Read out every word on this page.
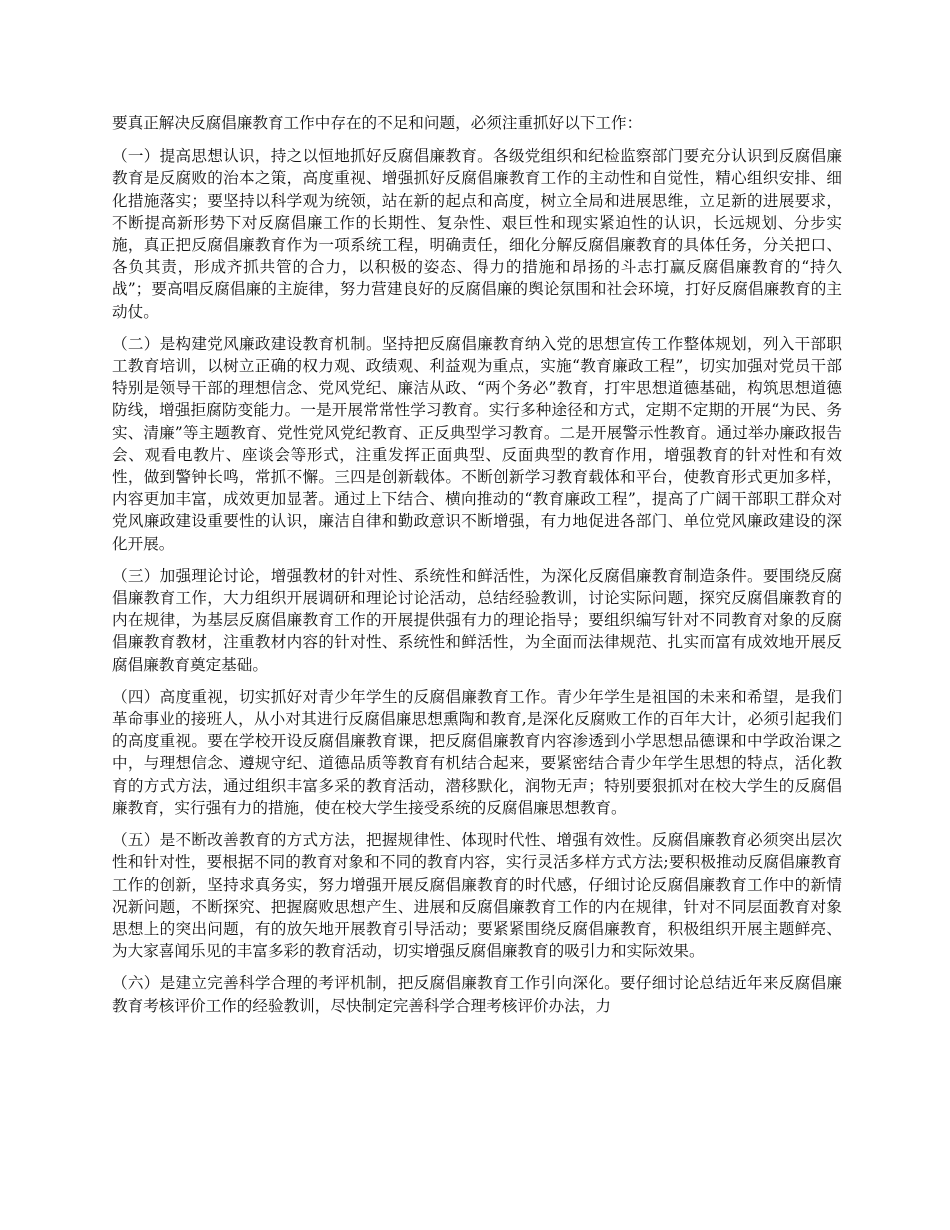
要真正解决反腐倡廉教育工作中存在的不足和问题，必须注重抓好以下工作：

（一）提高思想认识，持之以恒地抓好反腐倡廉教育。各级党组织和纪检监察部门要充分认识到反腐倡廉教育是反腐败的治本之策，高度重视、增强抓好反腐倡廉教育工作的主动性和自觉性，精心组织安排、细化措施落实；要坚持以科学观为统领，站在新的起点和高度，树立全局和进展思维，立足新的进展要求，不断提高新形势下对反腐倡廉工作的长期性、复杂性、艰巨性和现实紧迫性的认识，长远规划、分步实施，真正把反腐倡廉教育作为一项系统工程，明确责任，细化分解反腐倡廉教育的具体任务，分关把口、各负其责，形成齐抓共管的合力，以积极的姿态、得力的措施和昂扬的斗志打赢反腐倡廉教育的“持久战”；要高唱反腐倡廉的主旋律，努力营建良好的反腐倡廉的舆论氛围和社会环境，打好反腐倡廉教育的主动仗。

（二）是构建党风廉政建设教育机制。坚持把反腐倡廉教育纳入党的思想宣传工作整体规划，列入干部职工教育培训，以树立正确的权力观、政绩观、利益观为重点，实施“教育廉政工程”，切实加强对党员干部特别是领导干部的理想信念、党风党纪、廉洁从政、“两个务必”教育，打牢思想道德基础，构筑思想道德防线，增强拒腐防变能力。一是开展常常性学习教育。实行多种途径和方式，定期不定期的开展“为民、务实、清廉”等主题教育、党性党风党纪教育、正反典型学习教育。二是开展警示性教育。通过举办廉政报告会、观看电教片、座谈会等形式，注重发挥正面典型、反面典型的教育作用，增强教育的针对性和有效性，做到警钟长鸣，常抓不懈。三四是创新载体。不断创新学习教育载体和平台，使教育形式更加多样，内容更加丰富，成效更加显著。通过上下结合、横向推动的“教育廉政工程”，提高了广阔干部职工群众对党风廉政建设重要性的认识，廉洁自律和勤政意识不断增强，有力地促进各部门、单位党风廉政建设的深化开展。

（三）加强理论讨论，增强教材的针对性、系统性和鲜活性，为深化反腐倡廉教育制造条件。要围绕反腐倡廉教育工作，大力组织开展调研和理论讨论活动，总结经验教训，讨论实际问题，探究反腐倡廉教育的内在规律，为基层反腐倡廉教育工作的开展提供强有力的理论指导；要组织编写针对不同教育对象的反腐倡廉教育教材，注重教材内容的针对性、系统性和鲜活性，为全面而法律规范、扎实而富有成效地开展反腐倡廉教育奠定基础。

（四）高度重视，切实抓好对青少年学生的反腐倡廉教育工作。青少年学生是祖国的未来和希望，是我们革命事业的接班人，从小对其进行反腐倡廉思想熏陶和教育,是深化反腐败工作的百年大计，必须引起我们的高度重视。要在学校开设反腐倡廉教育课，把反腐倡廉教育内容渗透到小学思想品德课和中学政治课之中，与理想信念、遵规守纪、道德品质等教育有机结合起来，要紧密结合青少年学生思想的特点，活化教育的方式方法，通过组织丰富多采的教育活动，潜移默化，润物无声；特别要狠抓对在校大学生的反腐倡廉教育，实行强有力的措施，使在校大学生接受系统的反腐倡廉思想教育。

（五）是不断改善教育的方式方法，把握规律性、体现时代性、增强有效性。反腐倡廉教育必须突出层次性和针对性，要根据不同的教育对象和不同的教育内容，实行灵活多样方式方法;要积极推动反腐倡廉教育工作的创新，坚持求真务实，努力增强开展反腐倡廉教育的时代感，仔细讨论反腐倡廉教育工作中的新情况新问题，不断探究、把握腐败思想产生、进展和反腐倡廉教育工作的内在规律，针对不同层面教育对象思想上的突出问题，有的放矢地开展教育引导活动；要紧紧围绕反腐倡廉教育，积极组织开展主题鲜亮、为大家喜闻乐见的丰富多彩的教育活动，切实增强反腐倡廉教育的吸引力和实际效果。

（六）是建立完善科学合理的考评机制，把反腐倡廉教育工作引向深化。要仔细讨论总结近年来反腐倡廉教育考核评价工作的经验教训，尽快制定完善科学合理考核评价办法，力
